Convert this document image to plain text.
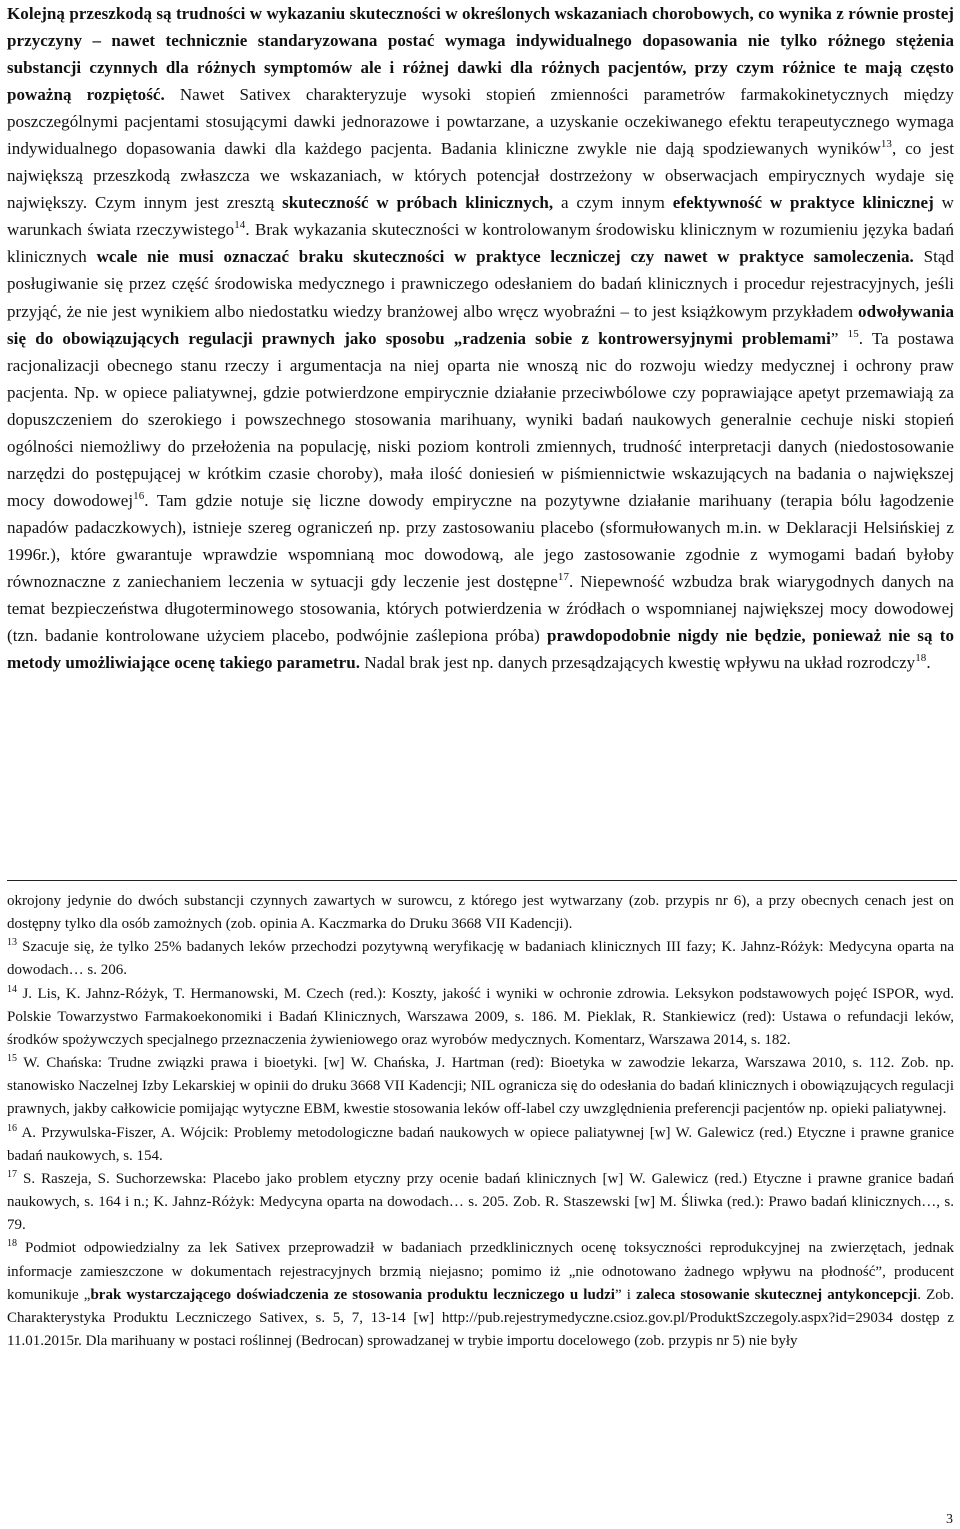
Kolejną przeszkodą są trudności w wykazaniu skuteczności w określonych wskazaniach chorobowych, co wynika z równie prostej przyczyny – nawet technicznie standaryzowana postać wymaga indywidualnego dopasowania nie tylko różnego stężenia substancji czynnych dla różnych symptomów ale i różnej dawki dla różnych pacjentów, przy czym różnice te mają często poważną rozpiętość. Nawet Sativex charakteryzuje wysoki stopień zmienności parametrów farmakokinetycznych między poszczególnymi pacjentami stosującymi dawki jednorazowe i powtarzane, a uzyskanie oczekiwanego efektu terapeutycznego wymaga indywidualnego dopasowania dawki dla każdego pacjenta. Badania kliniczne zwykle nie dają spodziewanych wyników$^{13}$, co jest największą przeszkodą zwłaszcza we wskazaniach, w których potencjał dostrzeżony w obserwacjach empirycznych wydaje się największy. Czym innym jest zresztą skuteczność w próbach klinicznych, a czym innym efektywność w praktyce klinicznej w warunkach świata rzeczywistego$^{14}$. Brak wykazania skuteczności w kontrolowanym środowisku klinicznym w rozumieniu języka badań klinicznych wcale nie musi oznaczać braku skuteczności w praktyce leczniczej czy nawet w praktyce samoleczenia. Stąd posługiwanie się przez część środowiska medycznego i prawniczego odesłaniem do badań klinicznych i procedur rejestracyjnych, jeśli przyjąć, że nie jest wynikiem albo niedostatku wiedzy branżowej albo wręcz wyobraźni – to jest książkowym przykładem odwoływania się do obowiązujących regulacji prawnych jako sposobu „radzenia sobie z kontrowersyjnymi problemami” $^{15}$. Ta postawa racjonalizacji obecnego stanu rzeczy i argumentacja na niej oparta nie wnoszą nic do rozwoju wiedzy medycznej i ochrony praw pacjenta. Np. w opiece paliatywnej, gdzie potwierdzone empirycznie działanie przeciwbólowe czy poprawiające apetyt przemawiają za dopuszczeniem do szerokiego i powszechnego stosowania marihuany, wyniki badań naukowych generalnie cechuje niski stopień ogólności niemożliwy do przełożenia na populację, niski poziom kontroli zmiennych, trudność interpretacji danych (niedostosowanie narzędzi do postępującej w krótkim czasie choroby), mała ilość doniesień w piśmiennictwie wskazujących na badania o największej mocy dowodowej$^{16}$. Tam gdzie notuje się liczne dowody empiryczne na pozytywne działanie marihuany (terapia bólu łagodzenie napadów padaczkowych), istnieje szereg ograniczeń np. przy zastosowaniu placebo (sformułowanych m.in. w Deklaracji Helsińskiej z 1996r.), które gwarantuje wprawdzie wspomnianą moc dowodową, ale jego zastosowanie zgodnie z wymogami badań byłoby równoznaczne z zaniechaniem leczenia w sytuacji gdy leczenie jest dostępne$^{17}$. Niepewność wzbudza brak wiarygodnych danych na temat bezpieczeństwa długoterminowego stosowania, których potwierdzenia w źródłach o wspomnianej największej mocy dowodowej (tzn. badanie kontrolowane użyciem placebo, podwójnie zaślepiona próba) prawdopodobnie nigdy nie będzie, ponieważ nie są to metody umożliwiające ocenę takiego parametru. Nadal brak jest np. danych przesądzających kwestię wpływu na układ rozrodczy$^{18}$.

okrojony jedynie do dwóch substancji czynnych zawartych w surowcu, z którego jest wytwarzany (zob. przypis nr 6), a przy obecnych cenach jest on dostępny tylko dla osób zamożnych (zob. opinia A. Kaczmarka do Druku 3668 VII Kadencji).

$^{13}$ Szacuje się, że tylko 25% badanych leków przechodzi pozytywną weryfikację w badaniach klinicznych III fazy; K. Jahnz-Różyk: Medycyna oparta na dowodach… s. 206.

$^{14}$ J. Lis, K. Jahnz-Różyk, T. Hermanowski, M. Czech (red.): Koszty, jakość i wyniki w ochronie zdrowia. Leksykon podstawowych pojęć ISPOR, wyd. Polskie Towarzystwo Farmakoekonomiki i Badań Klinicznych, Warszawa 2009, s. 186. M. Pieklak, R. Stankiewicz (red): Ustawa o refundacji leków, środków spożywczych specjalnego przeznaczenia żywieniowego oraz wyrobów medycznych. Komentarz, Warszawa 2014, s. 182.

$^{15}$ W. Chańska: Trudne związki prawa i bioetyki. [w] W. Chańska, J. Hartman (red): Bioetyka w zawodzie lekarza, Warszawa 2010, s. 112. Zob. np. stanowisko Naczelnej Izby Lekarskiej w opinii do druku 3668 VII Kadencji; NIL ogranicza się do odesłania do badań klinicznych i obowiązujących regulacji prawnych, jakby całkowicie pomijając wytyczne EBM, kwestie stosowania leków off-label czy uwzględnienia preferencji pacjentów np. opieki paliatywnej.

$^{16}$ A. Przywulska-Fiszer, A. Wójcik: Problemy metodologiczne badań naukowych w opiece paliatywnej [w] W. Galewicz (red.) Etyczne i prawne granice badań naukowych, s. 154.

$^{17}$ S. Raszeja, S. Suchorzewska: Placebo jako problem etyczny przy ocenie badań klinicznych [w] W. Galewicz (red.) Etyczne i prawne granice badań naukowych, s. 164 i n.; K. Jahnz-Różyk: Medycyna oparta na dowodach… s. 205. Zob. R. Staszewski [w] M. Śliwka (red.): Prawo badań klinicznych…, s. 79.

$^{18}$ Podmiot odpowiedzialny za lek Sativex przeprowadził w badaniach przedklinicznych ocenę toksyczności reprodukcyjnej na zwierzętach, jednak informacje zamieszczone w dokumentach rejestracyjnych brzmią niejasno; pomimo iż „nie odnotowano żadnego wpływu na płodność”, producent komunikuje „brak wystarczającego doświadczenia ze stosowania produktu leczniczego u ludzi” i zaleca stosowanie skutecznej antykoncepcji. Zob. Charakterystyka Produktu Leczniczego Sativex, s. 5, 7, 13-14 [w] http://pub.rejestrymedyczne.csioz.gov.pl/ProduktSzczegoly.aspx?id=29034 dostęp z 11.01.2015r. Dla marihuany w postaci roślinnej (Bedrocan) sprowadzanej w trybie importu docelowego (zob. przypis nr 5) nie były

3
